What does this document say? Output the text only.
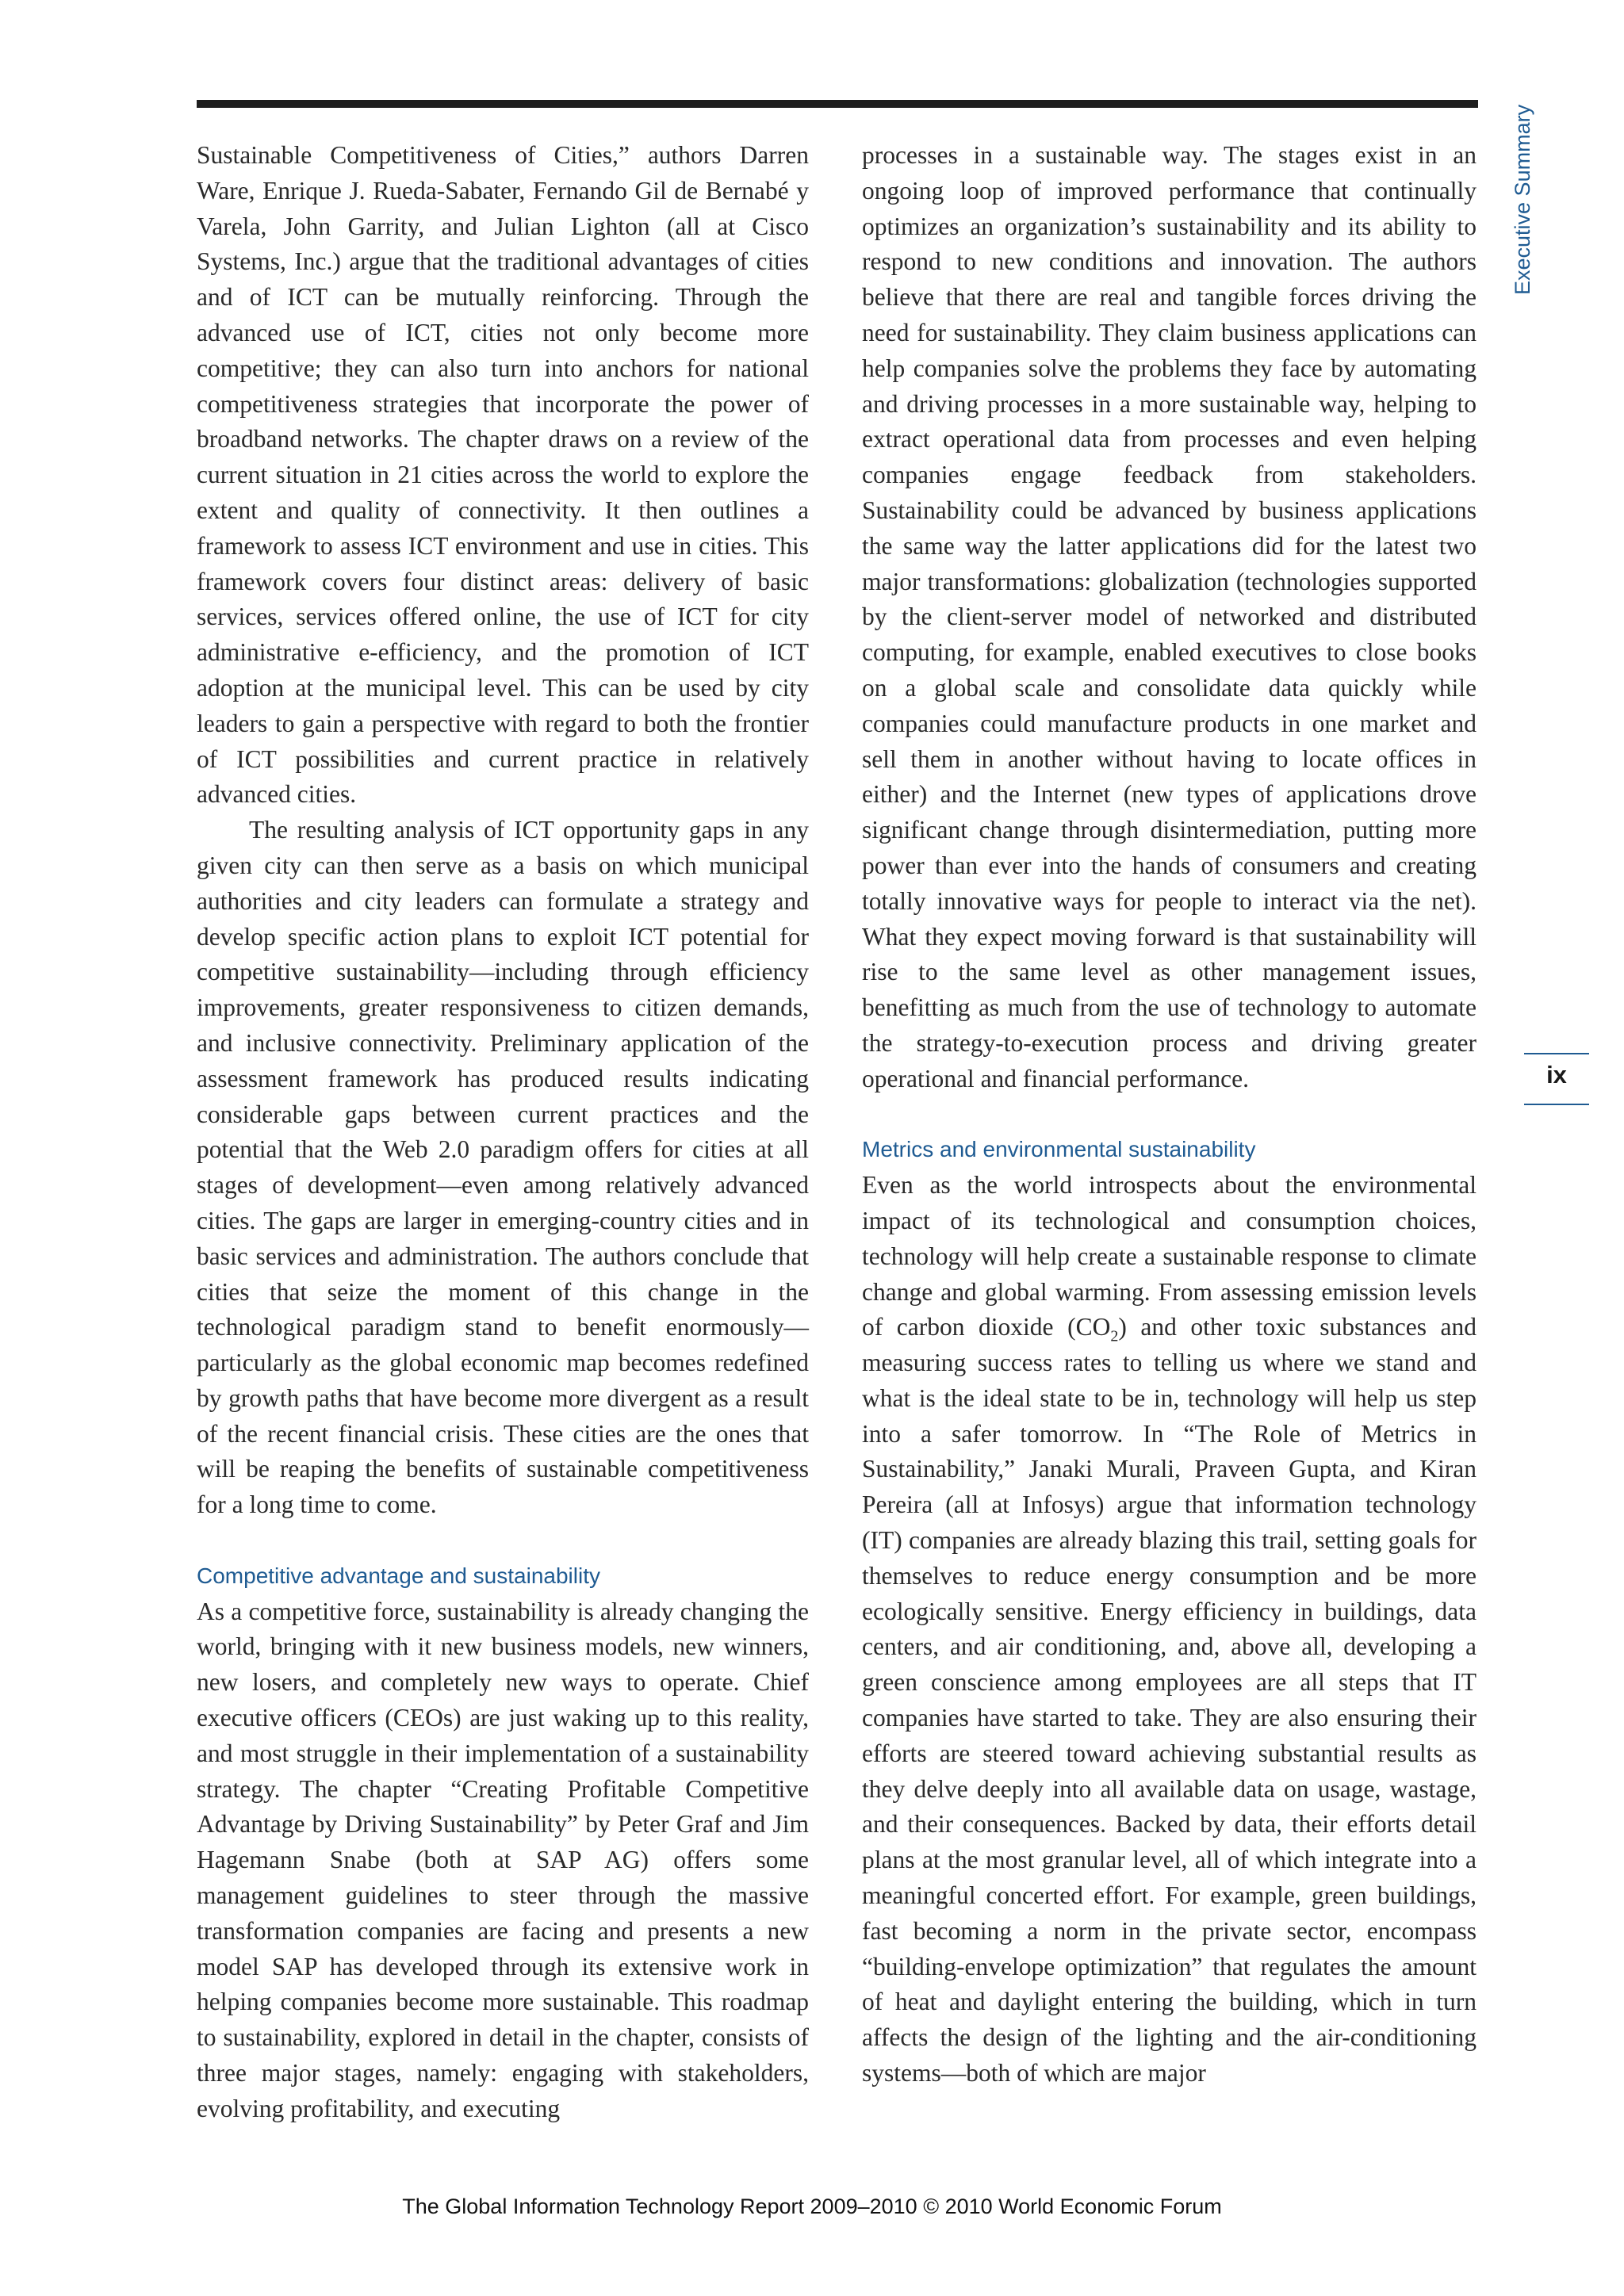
Executive Summary
ix

Sustainable Competitiveness of Cities,” authors Darren Ware, Enrique J. Rueda-Sabater, Fernando Gil de Bernabé y Varela, John Garrity, and Julian Lighton (all at Cisco Systems, Inc.) argue that the traditional advantages of cities and of ICT can be mutually reinforcing. Through the advanced use of ICT, cities not only become more competitive; they can also turn into anchors for national competitiveness strategies that incorporate the power of broadband networks. The chapter draws on a review of the current situation in 21 cities across the world to explore the extent and quality of connectivity. It then outlines a framework to assess ICT environment and use in cities. This framework covers four distinct areas: delivery of basic services, services offered online, the use of ICT for city administrative e-efficiency, and the promotion of ICT adoption at the municipal level. This can be used by city leaders to gain a perspective with regard to both the frontier of ICT possibilities and current practice in relatively advanced cities.

The resulting analysis of ICT opportunity gaps in any given city can then serve as a basis on which municipal authorities and city leaders can formulate a strategy and develop specific action plans to exploit ICT potential for competitive sustainability—including through efficiency improvements, greater responsiveness to citizen demands, and inclusive connectivity. Preliminary application of the assessment framework has produced results indicating considerable gaps between current practices and the potential that the Web 2.0 paradigm offers for cities at all stages of development—even among relatively advanced cities. The gaps are larger in emerging-country cities and in basic services and administration. The authors conclude that cities that seize the moment of this change in the technological paradigm stand to benefit enormously—particularly as the global economic map becomes redefined by growth paths that have become more divergent as a result of the recent financial crisis. These cities are the ones that will be reaping the benefits of sustainable competitiveness for a long time to come.

Competitive advantage and sustainability

As a competitive force, sustainability is already changing the world, bringing with it new business models, new winners, new losers, and completely new ways to operate. Chief executive officers (CEOs) are just waking up to this reality, and most struggle in their implementation of a sustainability strategy. The chapter “Creating Profitable Competitive Advantage by Driving Sustainability” by Peter Graf and Jim Hagemann Snabe (both at SAP AG) offers some management guidelines to steer through the massive transformation companies are facing and presents a new model SAP has developed through its extensive work in helping companies become more sustainable. This roadmap to sustainability, explored in detail in the chapter, consists of three major stages, namely: engaging with stakeholders, evolving profitability, and executing

processes in a sustainable way. The stages exist in an ongoing loop of improved performance that continually optimizes an organization’s sustainability and its ability to respond to new conditions and innovation. The authors believe that there are real and tangible forces driving the need for sustainability. They claim business applications can help companies solve the problems they face by automating and driving processes in a more sustainable way, helping to extract operational data from processes and even helping companies engage feedback from stakeholders. Sustainability could be advanced by business applications the same way the latter applications did for the latest two major transformations: globalization (technologies supported by the client-server model of networked and distributed computing, for example, enabled executives to close books on a global scale and consolidate data quickly while companies could manufacture products in one market and sell them in another without having to locate offices in either) and the Internet (new types of applications drove significant change through disintermediation, putting more power than ever into the hands of consumers and creating totally innovative ways for people to interact via the net). What they expect moving forward is that sustainability will rise to the same level as other management issues, benefitting as much from the use of technology to automate the strategy-to-execution process and driving greater operational and financial performance.

Metrics and environmental sustainability

Even as the world introspects about the environmental impact of its technological and consumption choices, technology will help create a sustainable response to climate change and global warming. From assessing emission levels of carbon dioxide $(CO_2)$ and other toxic substances and measuring success rates to telling us where we stand and what is the ideal state to be in, technology will help us step into a safer tomorrow. In “The Role of Metrics in Sustainability,” Janaki Murali, Praveen Gupta, and Kiran Pereira (all at Infosys) argue that information technology (IT) companies are already blazing this trail, setting goals for themselves to reduce energy consumption and be more ecologically sensitive. Energy efficiency in buildings, data centers, and air conditioning, and, above all, developing a green conscience among employees are all steps that IT companies have started to take. They are also ensuring their efforts are steered toward achieving substantial results as they delve deeply into all available data on usage, wastage, and their consequences. Backed by data, their efforts detail plans at the most granular level, all of which integrate into a meaningful concerted effort. For example, green buildings, fast becoming a norm in the private sector, encompass “building-envelope optimization” that regulates the amount of heat and daylight entering the building, which in turn affects the design of the lighting and the air-conditioning systems—both of which are major

The Global Information Technology Report 2009–2010 © 2010 World Economic Forum
